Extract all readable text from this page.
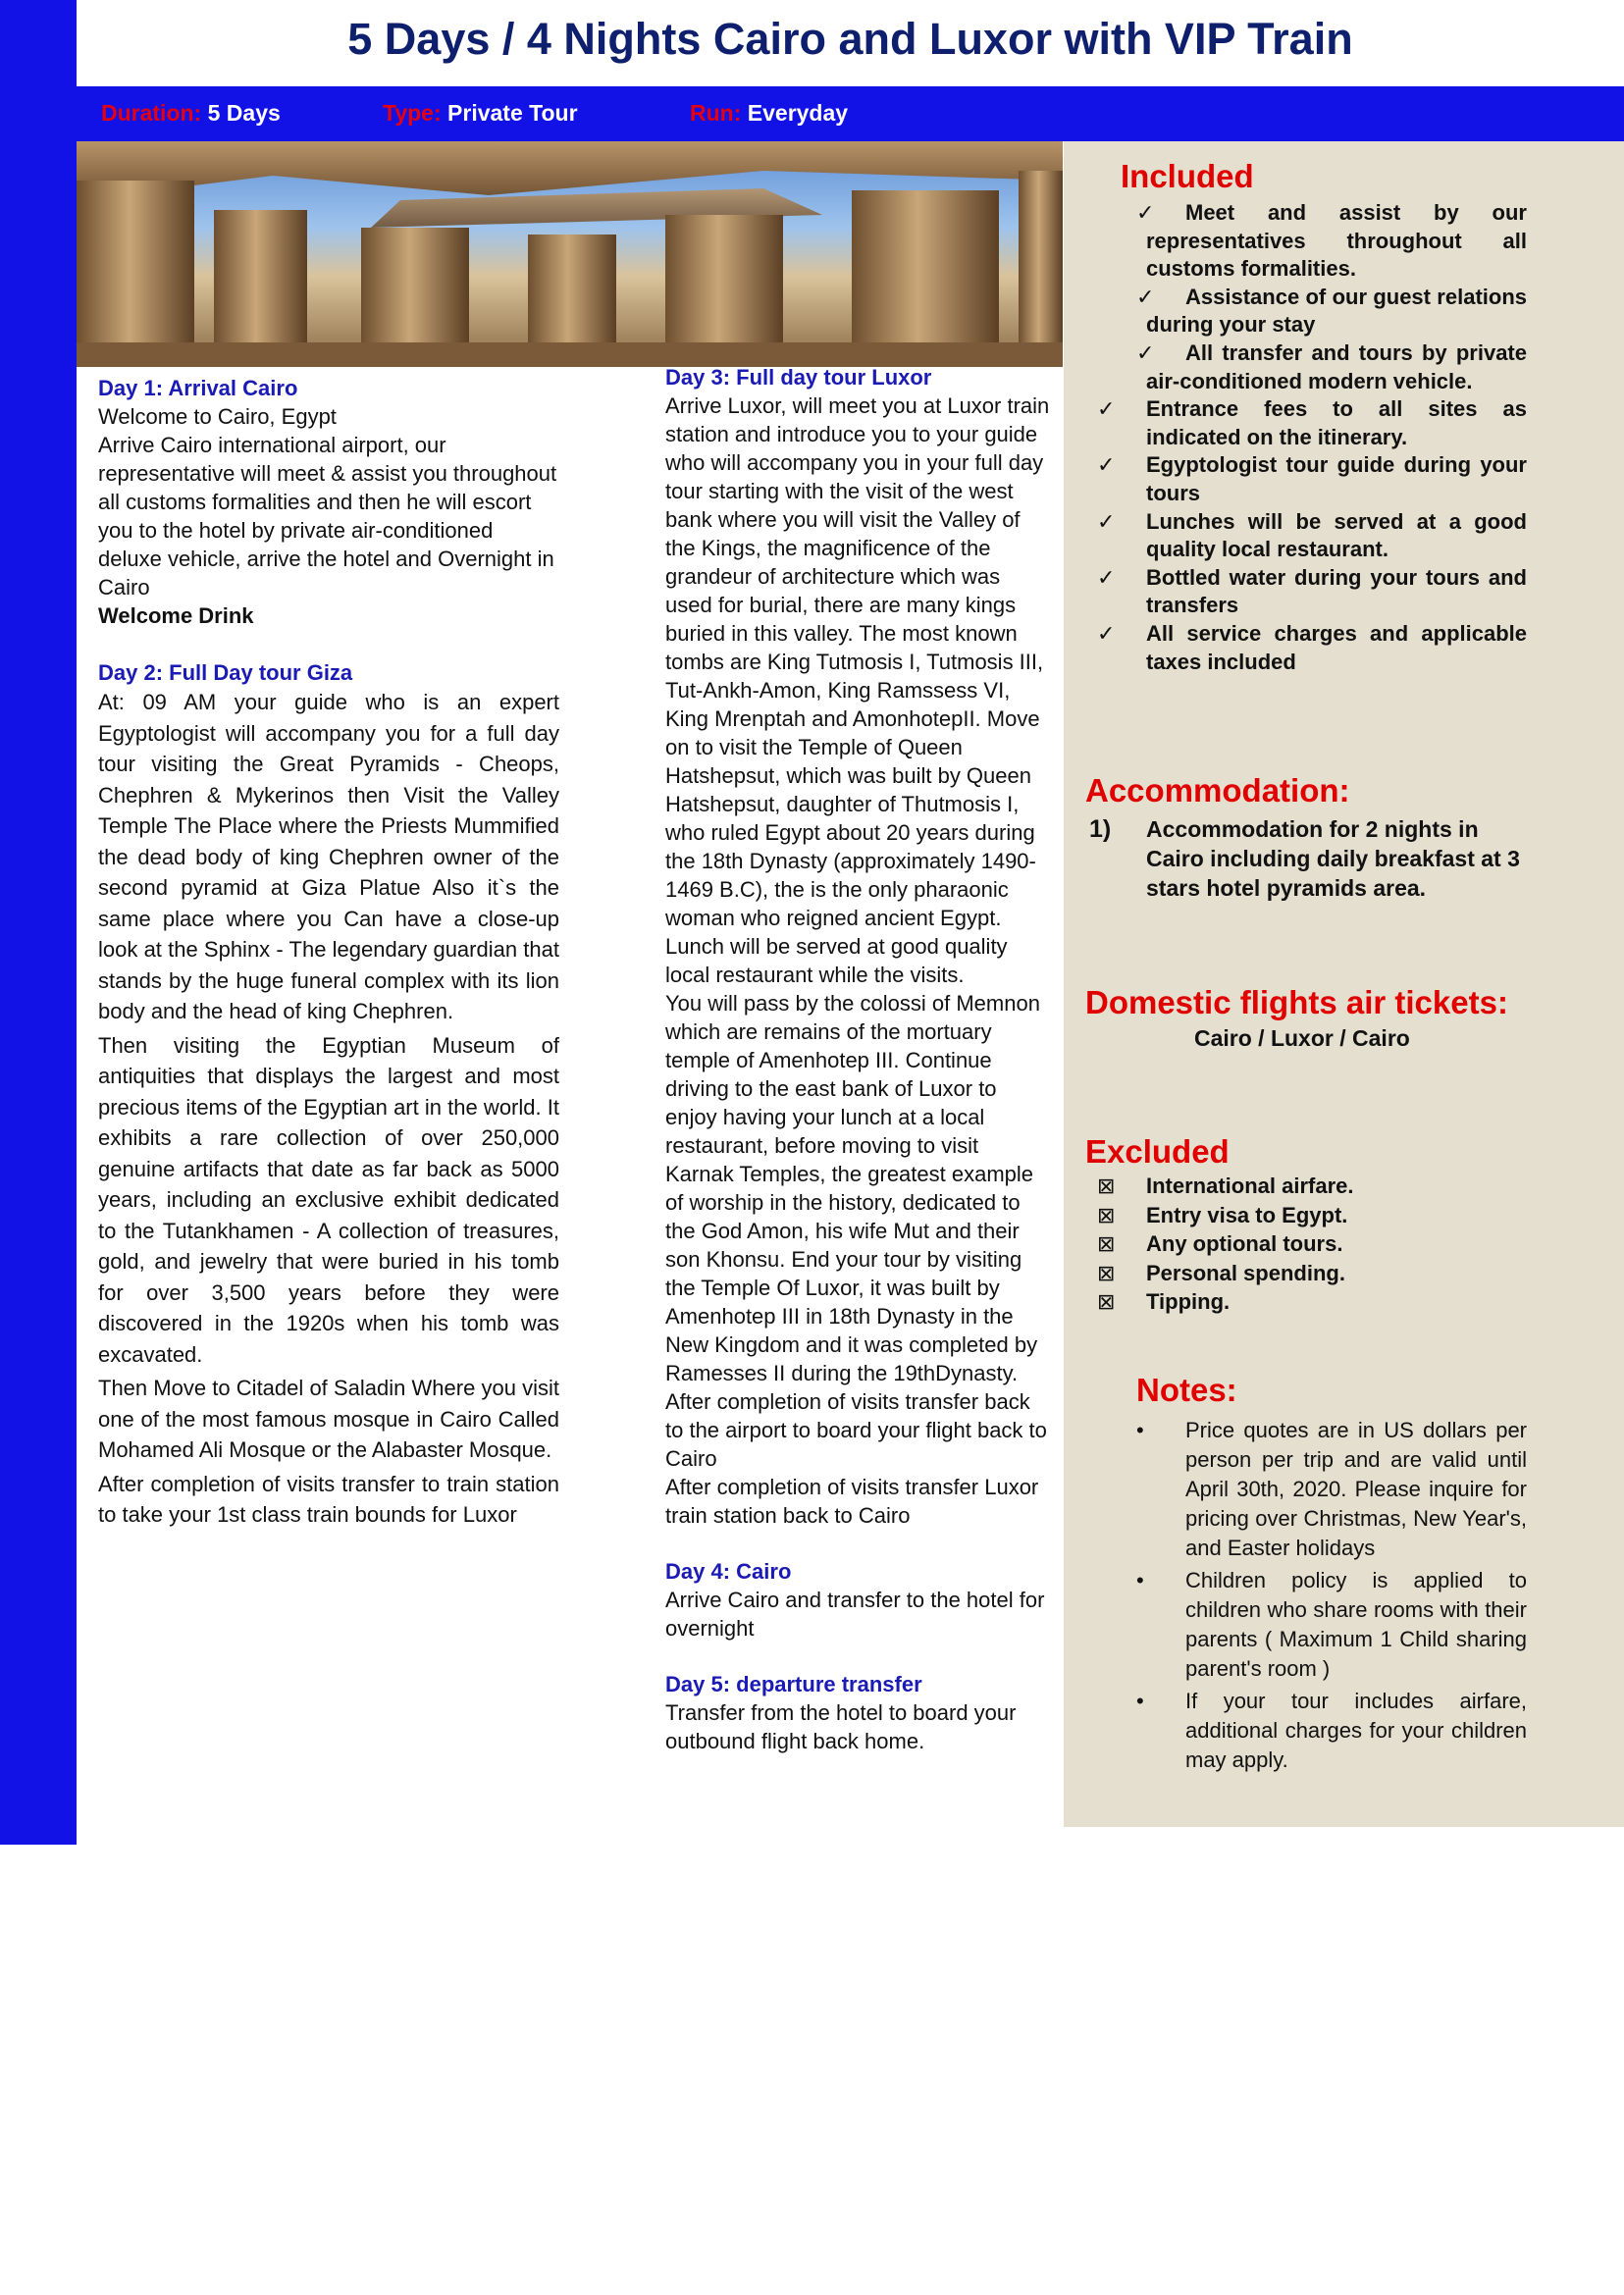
5 Days / 4 Nights Cairo and Luxor with VIP Train
Duration: 5 Days	Type: Private Tour	Run: Everyday

Day 1: Arrival Cairo

Welcome to Cairo, Egypt

Arrive Cairo international airport, our representative will meet & assist you throughout all customs formalities and then he will escort you to the hotel by private air-conditioned deluxe vehicle, arrive the hotel and Overnight in Cairo

Welcome Drink

Day 2: Full Day tour Giza

At: 09 AM your guide who is an expert Egyptologist will accompany you for a full day tour visiting the Great Pyramids - Cheops, Chephren & Mykerinos then Visit the Valley Temple The Place where the Priests Mummified the dead body of king Chephren owner of the second pyramid at Giza Platue Also it`s the same place where you Can have a close-up look at the Sphinx - The legendary guardian that stands by the huge funeral complex with its lion body and the head of king Chephren.

Then visiting the Egyptian Museum of antiquities that displays the largest and most precious items of the Egyptian art in the world. It exhibits a rare collection of over 250,000 genuine artifacts that date as far back as 5000 years, including an exclusive exhibit dedicated to the Tutankhamen - A collection of treasures, gold, and jewelry that were buried in his tomb for over 3,500 years before they were discovered in the 1920s when his tomb was excavated.

Then Move to Citadel of Saladin Where you visit one of the most famous mosque in Cairo Called Mohamed Ali Mosque or the Alabaster Mosque.

After completion of visits transfer to train station to take your 1st class train bounds for Luxor

Day 3: Full day tour Luxor

Arrive Luxor, will meet you at Luxor train station and introduce you to your guide who will accompany you in your full day tour starting with the visit of the west bank where you will visit the Valley of the Kings, the magnificence of the grandeur of architecture which was used for burial, there are many kings buried in this valley. The most known tombs are King Tutmosis I, Tutmosis III, Tut-Ankh-Amon, King Ramssess VI, King Mrenptah and AmonhotepII. Move on to visit the Temple of Queen Hatshepsut, which was built by Queen Hatshepsut, daughter of Thutmosis I, who ruled Egypt about 20 years during the 18th Dynasty (approximately 1490-1469 B.C), the is the only pharaonic woman who reigned ancient Egypt.

Lunch will be served at good quality local restaurant while the visits.

You will pass by the colossi of Memnon which are remains of the mortuary temple of Amenhotep III. Continue driving to the east bank of Luxor to enjoy having your lunch at a local restaurant, before moving to visit Karnak Temples, the greatest example of worship in the history, dedicated to the God Amon, his wife Mut and their son Khonsu. End your tour by visiting the Temple Of Luxor, it was built by Amenhotep III in 18th Dynasty in the New Kingdom and it was completed by Ramesses II during the 19thDynasty. After completion of visits transfer back to the airport to board your flight back to Cairo

After completion of visits transfer Luxor train station back to Cairo

Day 4: Cairo

Arrive Cairo and transfer to the hotel for overnight

Day 5: departure transfer

Transfer from the hotel to board your outbound flight back home.

Included
✓ Meet and assist by our representatives throughout all customs formalities.
✓ Assistance of our guest relations during your stay
✓ All transfer and tours by private air-conditioned modern vehicle.
✓ Entrance fees to all sites as indicated on the itinerary.
✓ Egyptologist tour guide during your tours
✓ Lunches will be served at a good quality local restaurant.
✓ Bottled water during your tours and transfers
✓ All service charges and applicable taxes included
Accommodation:
1) Accommodation for 2 nights in Cairo including daily breakfast at 3 stars hotel pyramids area.
Domestic flights air tickets:
Cairo / Luxor / Cairo
Excluded
⊠ International airfare.
⊠ Entry visa to Egypt.
⊠ Any optional tours.
⊠ Personal spending.
⊠ Tipping.
Notes:
• Price quotes are in US dollars per person per trip and are valid until April 30th, 2020. Please inquire for pricing over Christmas, New Year's, and Easter holidays
• Children policy is applied to children who share rooms with their parents ( Maximum 1 Child sharing parent's room )
• If your tour includes airfare, additional charges for your children may apply.
